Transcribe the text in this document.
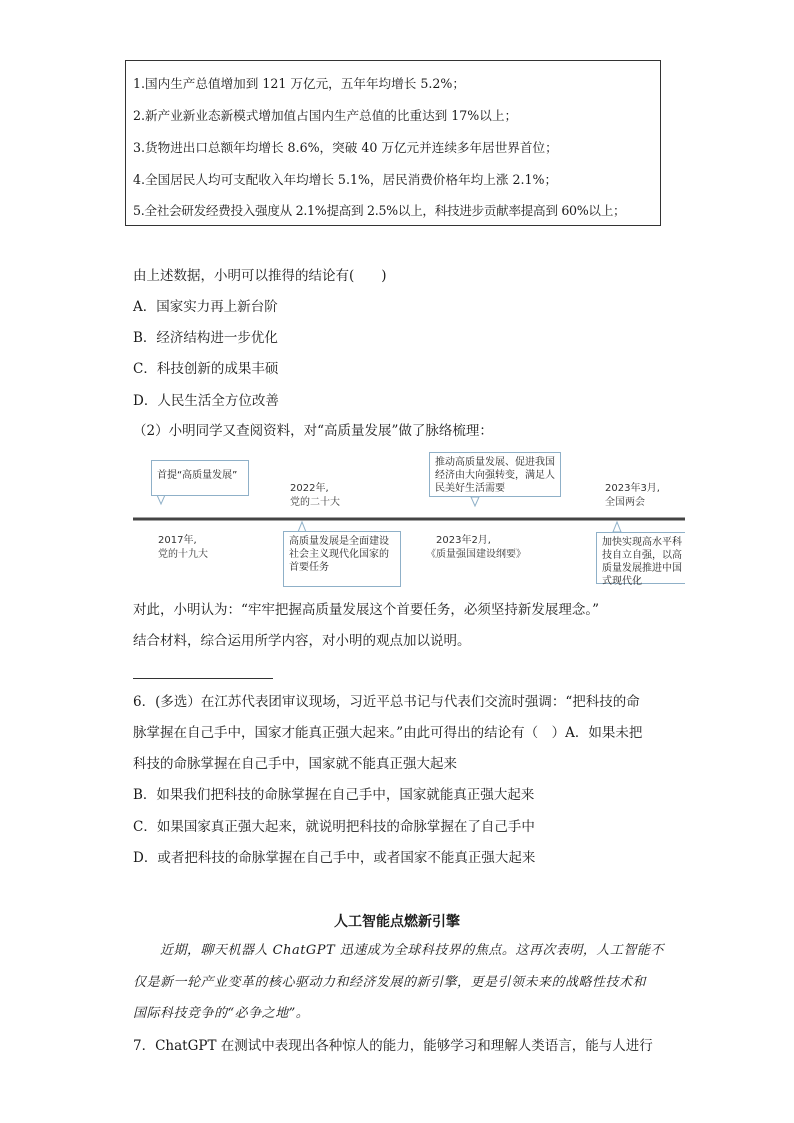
1.国内生产总值增加到 121 万亿元，五年年均增长 5.2%；
2.新产业新业态新模式增加值占国内生产总值的比重达到 17%以上；
3.货物进出口总额年均增长 8.6%，突破 40 万亿元并连续多年居世界首位；
4.全国居民人均可支配收入年均增长 5.1%，居民消费价格年均上涨 2.1%；
5.全社会研发经费投入强度从 2.1%提高到 2.5%以上，科技进步贡献率提高到 60%以上；
由上述数据，小明可以推得的结论有(　　)
A．国家实力再上新台阶
B．经济结构进一步优化
C．科技创新的成果丰硕
D．人民生活全方位改善
（2）小明同学又查阅资料，对“高质量发展”做了脉络梳理：
首提“高质量发展”
2017年,
党的十九大
2022年,
党的二十大
高质量发展是全面建设社会主义现代化国家的首要任务
推动高质量发展、促进我国经济由大向强转变，满足人民美好生活需要
2023年2月,
《质量强国建设纲要》
2023年3月,
全国两会
加快实现高水平科技自立自强，以高质量发展推进中国式现代化
对此，小明认为：“牢牢把握高质量发展这个首要任务，必须坚持新发展理念。”
结合材料，综合运用所学内容，对小明的观点加以说明。
6．(多选）在江苏代表团审议现场，习近平总书记与代表们交流时强调：“把科技的命
脉掌握在自己手中，国家才能真正强大起来。”由此可得出的结论有（　）A．如果未把
科技的命脉掌握在自己手中，国家就不能真正强大起来
B．如果我们把科技的命脉掌握在自己手中，国家就能真正强大起来
C．如果国家真正强大起来，就说明把科技的命脉掌握在了自己手中
D．或者把科技的命脉掌握在自己手中，或者国家不能真正强大起来
人工智能点燃新引擎
近期，聊天机器人 ChatGPT 迅速成为全球科技界的焦点。这再次表明，人工智能不
仅是新一轮产业变革的核心驱动力和经济发展的新引擎，更是引领未来的战略性技术和
国际科技竞争的“必争之地”。
7．ChatGPT 在测试中表现出各种惊人的能力，能够学习和理解人类语言，能与人进行
